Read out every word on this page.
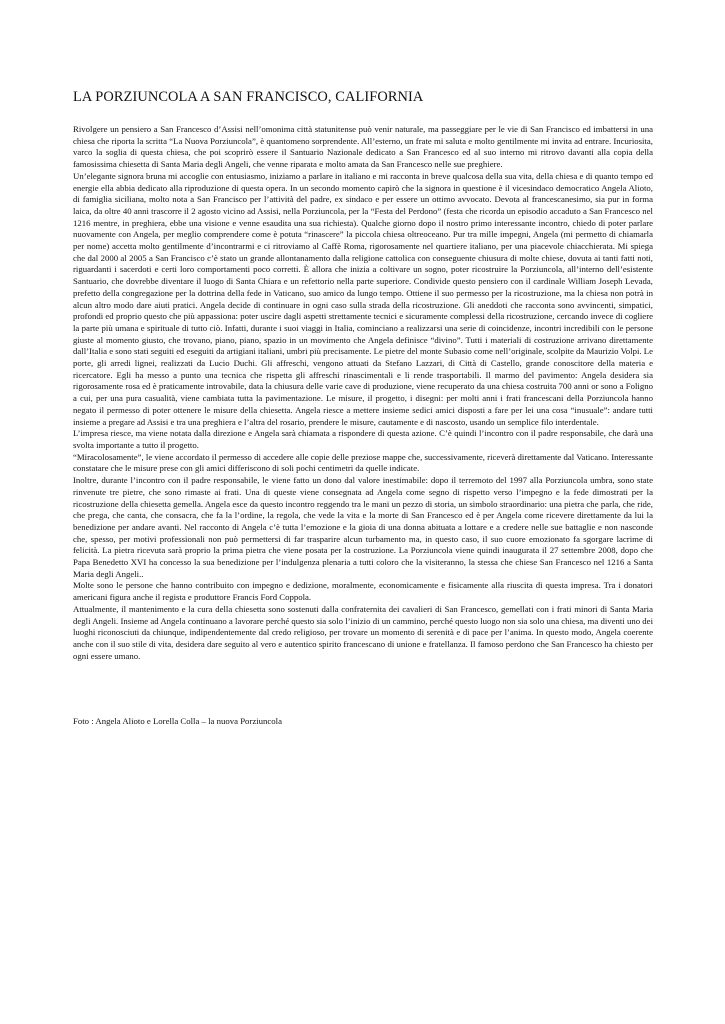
LA PORZIUNCOLA A SAN FRANCISCO, CALIFORNIA

Rivolgere un pensiero a San Francesco d’Assisi nell’omonima città statunitense può venir naturale, ma passeggiare per le vie di San Francisco ed imbattersi in una chiesa che riporta la scritta “La Nuova Porziuncola”, è quantomeno sorprendente. All’esterno, un frate mi saluta e molto gentilmente mi invita ad entrare. Incuriosita, varco la soglia di questa chiesa, che poi scoprirò essere il Santuario Nazionale dedicato a San Francesco ed al suo interno mi ritrovo davanti alla copia della famosissima chiesetta di Santa Maria degli Angeli, che venne riparata e molto amata da San Francesco nelle sue preghiere.

Un’elegante signora bruna mi accoglie con entusiasmo, iniziamo a parlare in italiano e mi racconta in breve qualcosa della sua vita, della chiesa e di quanto tempo ed energie ella abbia dedicato alla riproduzione di questa opera. In un secondo momento capirò che la signora in questione è il vicesindaco democratico Angela Alioto, di famiglia siciliana, molto nota a San Francisco per l’attività del padre, ex sindaco e per essere un ottimo avvocato. Devota al francescanesimo, sia pur in forma laica, da oltre 40 anni trascorre il 2 agosto vicino ad Assisi, nella Porziuncola, per la “Festa del Perdono” (festa che ricorda un episodio accaduto a San Francesco nel 1216 mentre, in preghiera, ebbe una visione e venne esaudita una sua richiesta). Qualche giorno dopo il nostro primo interessante incontro, chiedo di poter parlare nuovamente con Angela, per meglio comprendere come è potuta “rinascere” la piccola chiesa oltreoceano. Pur tra mille impegni, Angela (mi permetto di chiamarla per nome) accetta molto gentilmente d’incontrarmi e ci ritroviamo al Caffè Roma, rigorosamente nel quartiere italiano, per una piacevole chiacchierata. Mi spiega che dal 2000 al 2005 a San Francisco c’è stato un grande allontanamento dalla religione cattolica con conseguente chiusura di molte chiese, dovuta ai tanti fatti noti, riguardanti i sacerdoti e certi loro comportamenti poco corretti. È allora che inizia a coltivare un sogno, poter ricostruire la Porziuncola, all’interno dell’esistente Santuario, che dovrebbe diventare il luogo di Santa Chiara e un refettorio nella parte superiore. Condivide questo pensiero con il cardinale William Joseph Levada, prefetto della congregazione per la dottrina della fede in Vaticano, suo amico da lungo tempo. Ottiene il suo permesso per la ricostruzione, ma la chiesa non potrà in alcun altro modo dare aiuti pratici. Angela decide di continuare in ogni caso sulla strada della ricostruzione. Gli aneddoti che racconta sono avvincenti, simpatici, profondi ed proprio questo che più appassiona: poter uscire dagli aspetti strettamente tecnici e sicuramente complessi della ricostruzione, cercando invece di cogliere la parte più umana e spirituale di tutto ciò. Infatti, durante i suoi viaggi in Italia, cominciano a realizzarsi una serie di coincidenze, incontri incredibili con le persone giuste al momento giusto, che trovano, piano, piano, spazio in un movimento che Angela definisce “divino”. Tutti i materiali di costruzione arrivano direttamente dall’Italia e sono stati seguiti ed eseguiti da artigiani italiani, umbri più precisamente. Le pietre del monte Subasio come nell’originale, scolpite da Maurizio Volpi. Le porte, gli arredi lignei, realizzati da Lucio Duchi. Gli affreschi, vengono attuati da Stefano Lazzari, di Città di Castello, grande conoscitore della materia e ricercatore. Egli ha messo a punto una tecnica che rispetta gli affreschi rinascimentali e li rende trasportabili. Il marmo del pavimento: Angela desidera sia rigorosamente rosa ed è praticamente introvabile, data la chiusura delle varie cave di produzione, viene recuperato da una chiesa costruita 700 anni or sono a Foligno a cui, per una pura casualità, viene cambiata tutta la pavimentazione. Le misure, il progetto, i disegni: per molti anni i frati francescani della Porziuncola hanno negato il permesso di poter ottenere le misure della chiesetta. Angela riesce a mettere insieme sedici amici disposti a fare per lei una cosa “inusuale”: andare tutti insieme a pregare ad Assisi e tra una preghiera e l’altra del rosario, prendere le misure, cautamente e di nascosto, usando un semplice filo interdentale.

L’impresa riesce, ma viene notata dalla direzione e Angela sarà chiamata a rispondere di questa azione. C’è quindi l’incontro con il padre responsabile, che darà una svolta importante a tutto il progetto.

“Miracolosamente”, le viene accordato il permesso di accedere alle copie delle preziose mappe che, successivamente, riceverà direttamente dal Vaticano. Interessante constatare che le misure prese con gli amici differiscono di soli pochi centimetri da quelle indicate.

Inoltre, durante l’incontro con il padre responsabile, le viene fatto un dono dal valore inestimabile: dopo il terremoto del 1997 alla Porziuncola umbra, sono state rinvenute tre pietre, che sono rimaste ai frati. Una di queste viene consegnata ad Angela come segno di rispetto verso l’impegno e la fede dimostrati per la ricostruzione della chiesetta gemella. Angela esce da questo incontro reggendo tra le mani un pezzo di storia, un simbolo straordinario: una pietra che parla, che ride, che prega, che canta, che consacra, che fa la l’ordine, la regola, che vede la vita e la morte di San Francesco ed è per Angela come ricevere direttamente da lui la benedizione per andare avanti. Nel racconto di Angela c’è tutta l’emozione e la gioia di una donna abituata a lottare e a credere nelle sue battaglie e non nasconde che, spesso, per motivi professionali non può permettersi di far trasparire alcun turbamento ma, in questo caso, il suo cuore emozionato fa sgorgare lacrime di felicità. La pietra ricevuta sarà proprio la prima pietra che viene posata per la costruzione. La Porziuncola viene quindi inaugurata il 27 settembre 2008, dopo che Papa Benedetto XVI ha concesso la sua benedizione per l’indulgenza plenaria a tutti coloro che la visiteranno, la stessa che chiese San Francesco nel 1216 a Santa Maria degli Angeli..

Molte sono le persone che hanno contribuito con impegno e dedizione, moralmente, economicamente e fisicamente alla riuscita di questa impresa. Tra i donatori americani figura anche il regista e produttore Francis Ford Coppola.

Attualmente, il mantenimento e la cura della chiesetta sono sostenuti dalla confraternita dei cavalieri di San Francesco, gemellati con i frati minori di Santa Maria degli Angeli. Insieme ad Angela continuano a lavorare perché questo sia solo l’inizio di un cammino, perché questo luogo non sia solo una chiesa, ma diventi uno dei luoghi riconosciuti da chiunque, indipendentemente dal credo religioso, per trovare un momento di serenità e di pace per l’anima. In questo modo, Angela coerente anche con il suo stile di vita, desidera dare seguito al vero e autentico spirito francescano di unione e fratellanza. Il famoso perdono che San Francesco ha chiesto per ogni essere umano.

Foto : Angela Alioto e Lorella Colla – la nuova Porziuncola
